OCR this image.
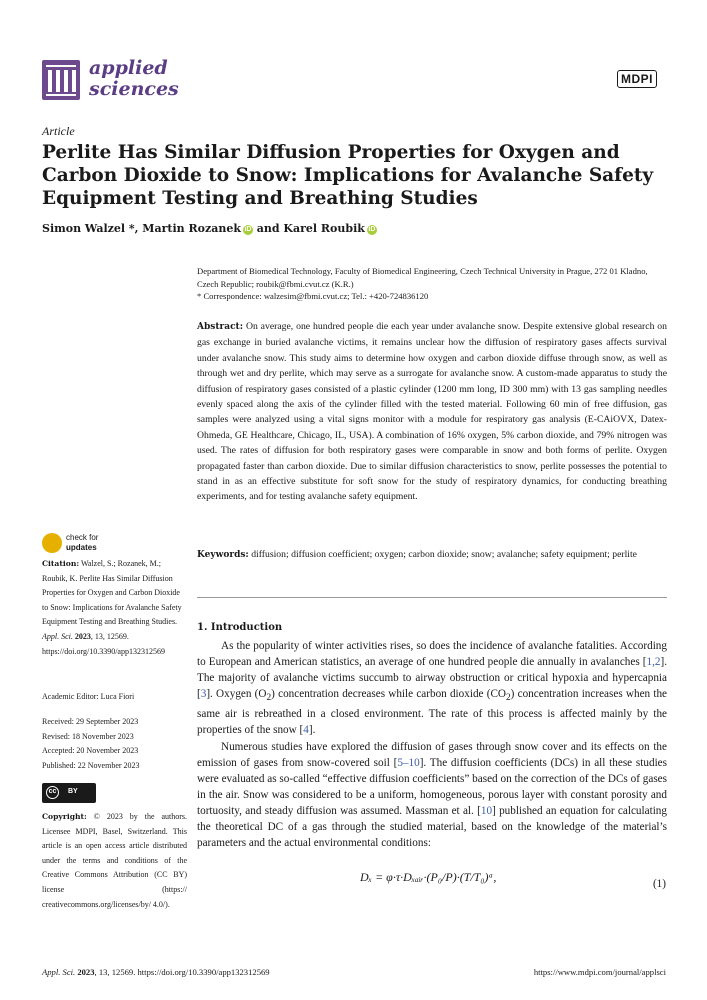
applied
sciences	MDPI
Article
Perlite Has Similar Diffusion Properties for Oxygen and Carbon Dioxide to Snow: Implications for Avalanche Safety Equipment Testing and Breathing Studies
Simon Walzel *, Martin Rozanek iD and Karel Roubik iD
Department of Biomedical Technology, Faculty of Biomedical Engineering, Czech Technical University in Prague, 272 01 Kladno, Czech Republic; roubik@fbmi.cvut.cz (K.R.)
* Correspondence: walzesim@fbmi.cvut.cz; Tel.: +420-724836120

Abstract: On average, one hundred people die each year under avalanche snow. Despite extensive global research on gas exchange in buried avalanche victims, it remains unclear how the diffusion of respiratory gases affects survival under avalanche snow. This study aims to determine how oxygen and carbon dioxide diffuse through snow, as well as through wet and dry perlite, which may serve as a surrogate for avalanche snow. A custom-made apparatus to study the diffusion of respiratory gases consisted of a plastic cylinder (1200 mm long, ID 300 mm) with 13 gas sampling needles evenly spaced along the axis of the cylinder filled with the tested material. Following 60 min of free diffusion, gas samples were analyzed using a vital signs monitor with a module for respiratory gas analysis (E-CAiOVX, Datex-Ohmeda, GE Healthcare, Chicago, IL, USA). A combination of 16% oxygen, 5% carbon dioxide, and 79% nitrogen was used. The rates of diffusion for both respiratory gases were comparable in snow and both forms of perlite. Oxygen propagated faster than carbon dioxide. Due to similar diffusion characteristics to snow, perlite possesses the potential to stand in as an effective substitute for soft snow for the study of respiratory dynamics, for conducting breathing experiments, and for testing avalanche safety equipment.

Keywords: diffusion; diffusion coefficient; oxygen; carbon dioxide; snow; avalanche; safety equipment; perlite

check for
updates

Citation: Walzel, S.; Rozanek, M.; Roubik, K. Perlite Has Similar Diffusion Properties for Oxygen and Carbon Dioxide to Snow: Implications for Avalanche Safety Equipment Testing and Breathing Studies. Appl. Sci. 2023, 13, 12569. https://doi.org/10.3390/app132312569

Academic Editor: Luca Fiori

Received: 29 September 2023
Revised: 18 November 2023
Accepted: 20 November 2023
Published: 22 November 2023
cc	BY

Copyright: © 2023 by the authors. Licensee MDPI, Basel, Switzerland. This article is an open access article distributed under the terms and conditions of the Creative Commons Attribution (CC BY) license (https:// creativecommons.org/licenses/by/ 4.0/).

1. Introduction

As the popularity of winter activities rises, so does the incidence of avalanche fatalities. According to European and American statistics, an average of one hundred people die annually in avalanches [1,2]. The majority of avalanche victims succumb to airway obstruction or critical hypoxia and hypercapnia [3]. Oxygen $(O_2)$ concentration decreases while carbon dioxide $(CO_2)$ concentration increases when the same air is rebreathed in a closed environment. The rate of this process is affected mainly by the properties of the snow [4].

Numerous studies have explored the diffusion of gases through snow cover and its effects on the emission of gases from snow-covered soil [5–10]. The diffusion coefficients (DCs) in all these studies were evaluated as so-called “effective diffusion coefficients” based on the correction of the DCs of gases in the air. Snow was considered to be a uniform, homogeneous, porous layer with constant porosity and tortuosity, and steady diffusion was assumed. Massman et al. [10] published an equation for calculating the theoretical DC of a gas through the studied material, based on the knowledge of the material’s parameters and the actual environmental conditions:

Dₓ = φ·τ·Dₓₐᵢᵣ·(P₀/P)·(T/T₀)ᵃ,	(1)
Appl. Sci. 2023, 13, 12569. https://doi.org/10.3390/app132312569	https://www.mdpi.com/journal/applsci
